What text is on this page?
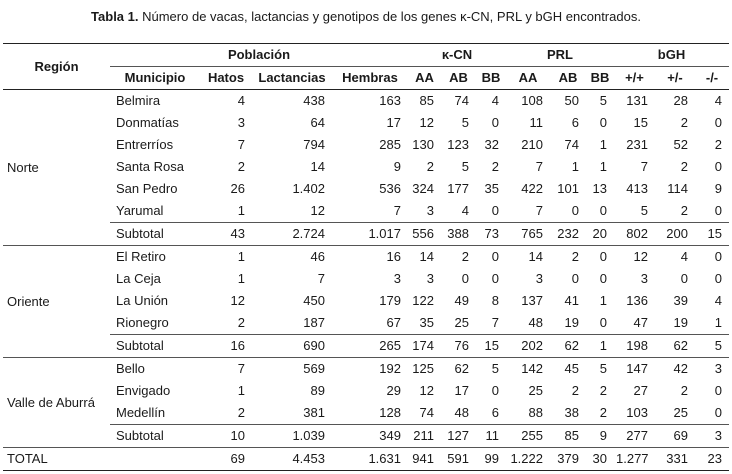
Tabla 1. Número de vacas, lactancias y genotipos de los genes κ-CN, PRL y bGH encontrados.
Región	Población				κ-CN			PRL			bGH		
	Municipio	Hatos	Lactancias	Hembras	AA	AB	BB	AA	AB	BB	+/+	+/-	-/-
Norte	Belmira	4	438	163	85	74	4	108	50	5	131	28	4
	Donmatías	3	64	17	12	5	0	11	6	0	15	2	0
	Entrerríos	7	794	285	130	123	32	210	74	1	231	52	2
	Santa Rosa	2	14	9	2	5	2	7	1	1	7	2	0
	San Pedro	26	1.402	536	324	177	35	422	101	13	413	114	9
	Yarumal	1	12	7	3	4	0	7	0	0	5	2	0
	Subtotal	43	2.724	1.017	556	388	73	765	232	20	802	200	15
Oriente	El Retiro	1	46	16	14	2	0	14	2	0	12	4	0
	La Ceja	1	7	3	3	0	0	3	0	0	3	0	0
	La Unión	12	450	179	122	49	8	137	41	1	136	39	4
	Rionegro	2	187	67	35	25	7	48	19	0	47	19	1
	Subtotal	16	690	265	174	76	15	202	62	1	198	62	5
Valle de Aburrá	Bello	7	569	192	125	62	5	142	45	5	147	42	3
	Envigado	1	89	29	12	17	0	25	2	2	27	2	0
	Medellín	2	381	128	74	48	6	88	38	2	103	25	0
	Subtotal	10	1.039	349	211	127	11	255	85	9	277	69	3
TOTAL		69	4.453	1.631	941	591	99	1.222	379	30	1.277	331	23
